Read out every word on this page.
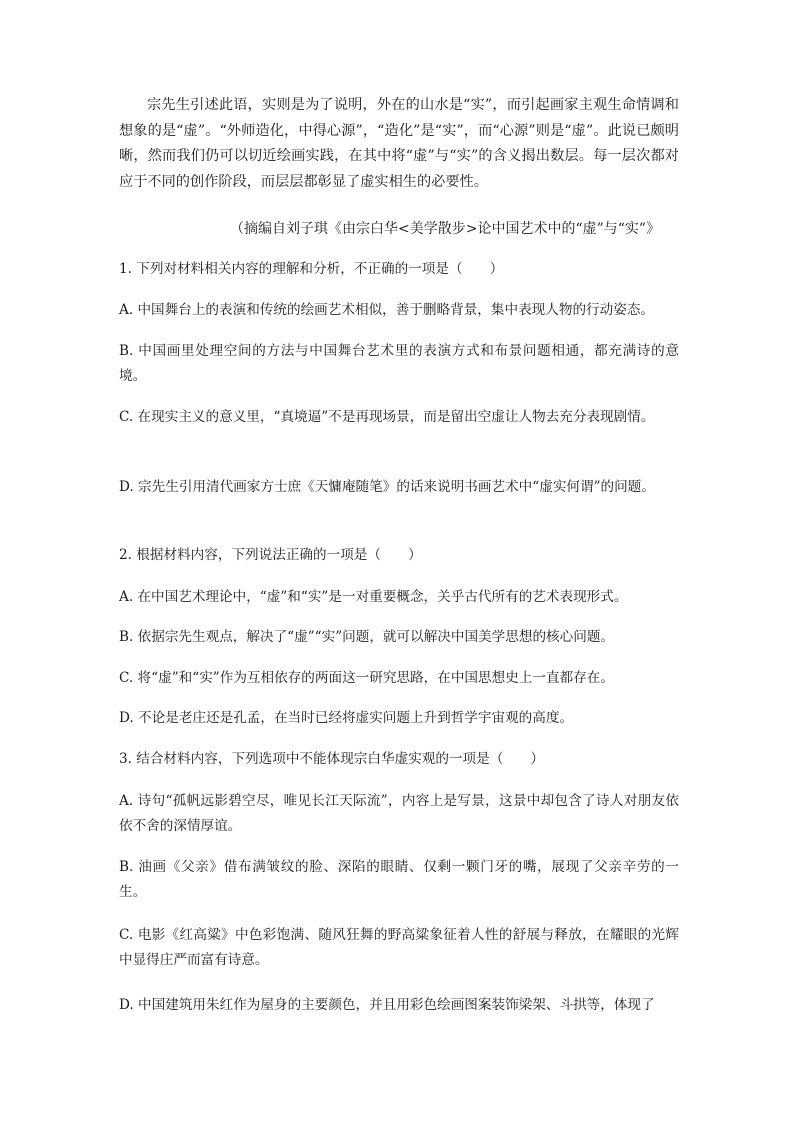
宗先生引述此语，实则是为了说明，外在的山水是“实”，而引起画家主观生命情调和想象的是“虚”。“外师造化，中得心源”，“造化”是“实”，而“心源”则是“虚”。此说已颇明晰，然而我们仍可以切近绘画实践，在其中将“虚”与“实”的含义揭出数层。每一层次都对应于不同的创作阶段，而层层都彰显了虚实相生的必要性。
（摘编自刘子琪《由宗白华<美学散步>论中国艺术中的“虚”与“实”》
1. 下列对材料相关内容的理解和分析，不正确的一项是（　　）
A. 中国舞台上的表演和传统的绘画艺术相似，善于删略背景，集中表现人物的行动姿态。
B. 中国画里处理空间的方法与中国舞台艺术里的表演方式和布景问题相通，都充满诗的意境。
C. 在现实主义的意义里，“真境逼”不是再现场景，而是留出空虚让人物去充分表现剧情。
D. 宗先生引用清代画家方士庶《天慵庵随笔》的话来说明书画艺术中“虚实何谓”的问题。
2. 根据材料内容，下列说法正确的一项是（　　）
A. 在中国艺术理论中，“虚”和“实”是一对重要概念，关乎古代所有的艺术表现形式。
B. 依据宗先生观点，解决了“虚”“实”问题，就可以解决中国美学思想的核心问题。
C. 将“虚”和“实”作为互相依存的两面这一研究思路，在中国思想史上一直都存在。
D. 不论是老庄还是孔孟，在当时已经将虚实问题上升到哲学宇宙观的高度。
3. 结合材料内容，下列选项中不能体现宗白华虚实观的一项是（　　）
A. 诗句“孤帆远影碧空尽，唯见长江天际流”，内容上是写景，这景中却包含了诗人对朋友依依不舍的深情厚谊。
B. 油画《父亲》借布满皱纹的脸、深陷的眼睛、仅剩一颗门牙的嘴，展现了父亲辛劳的一生。
C. 电影《红高粱》中色彩饱满、随风狂舞的野高粱象征着人性的舒展与释放，在耀眼的光辉中显得庄严而富有诗意。
D. 中国建筑用朱红作为屋身的主要颜色，并且用彩色绘画图案装饰梁架、斗拱等，体现了
